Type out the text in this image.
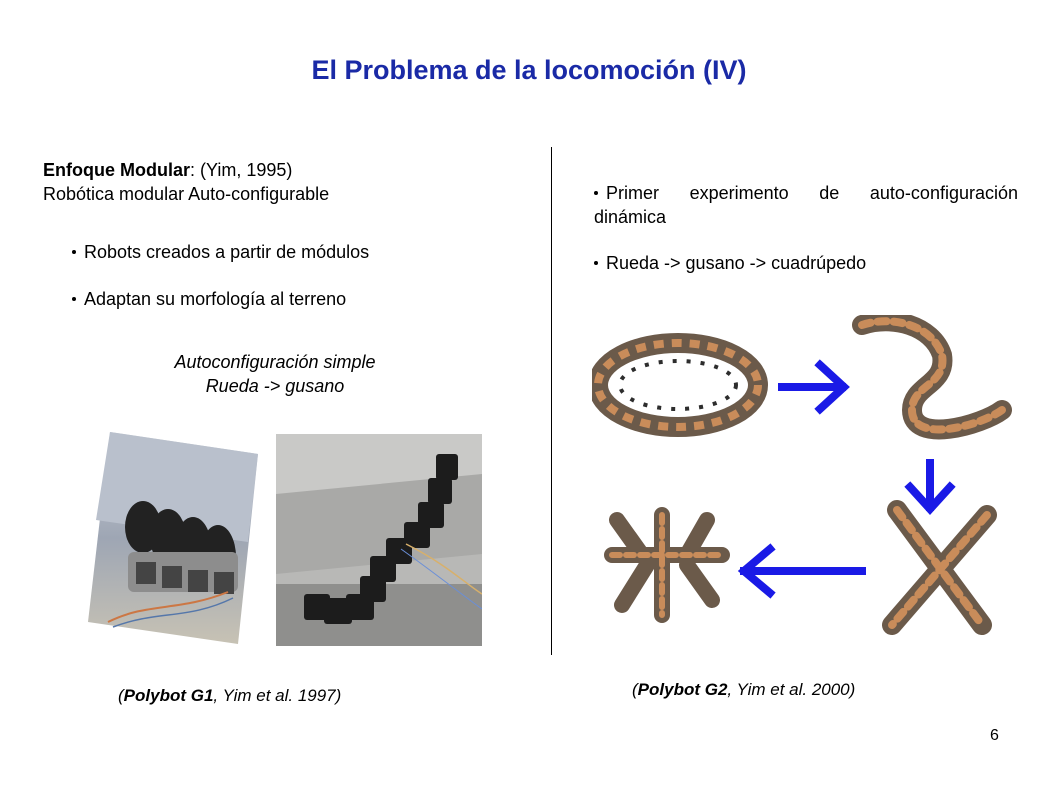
El Problema de la locomoción (IV)
Enfoque Modular: (Yim, 1995)
Robótica modular Auto-configurable
Robots creados a partir de módulos
Adaptan su morfología al terreno
Autoconfiguración simple
Rueda -> gusano
(Polybot G1, Yim et al. 1997)
Primer experimento de auto-configuración dinámica
Rueda -> gusano -> cuadrúpedo
(Polybot G2, Yim et al. 2000)
6
